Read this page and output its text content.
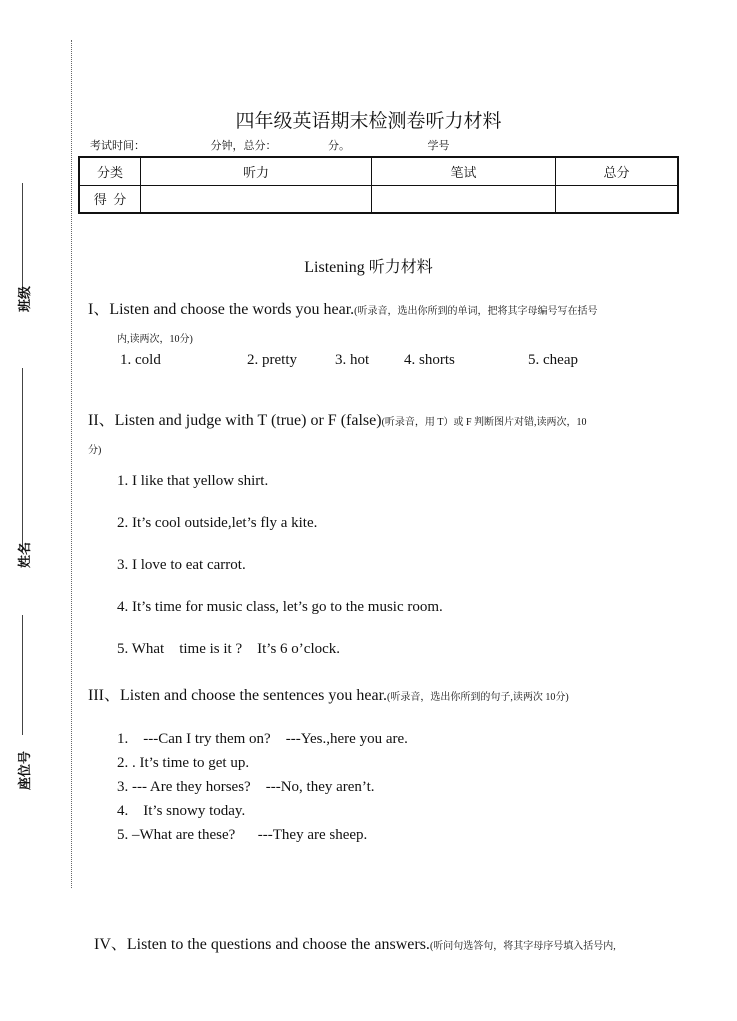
班级
姓名
座位号
四年级英语期末检测卷听力材料
考试时间：	分钟，总分：	分。	学号
分类	听力	笔试	总分
得  分			
Listening 听力材料
I、Listen and choose the words you hear.(听录音，选出你所到的单词，把将其字母编号写在括号
内,读两次，10分)
1. cold	2. pretty	3. hot 4. shorts	5. cheap
II、Listen and judge with T (true) or F (false)(听录音，用 T）或 F 判断图片对错,读两次，10
分)
1. I like that yellow shirt.
2. It’s cool outside,let’s fly a kite.
3. I love to eat carrot.
4. It’s time for music class, let’s go to the music room.
5. What    time is it ?    It’s 6 o’clock.
III、Listen and choose the sentences you hear.(听录音，选出你所到的句子,读两次 10分)
1.    ---Can I try them on?    ---Yes.,here you are.
2. . It’s time to get up.
3. --- Are they horses?    ---No, they aren’t.
4.    It’s snowy today.
5. –What are these?      ---They are sheep.
IV、Listen to the questions and choose the answers.(听问句选答句，将其字母序号填入括号内,
